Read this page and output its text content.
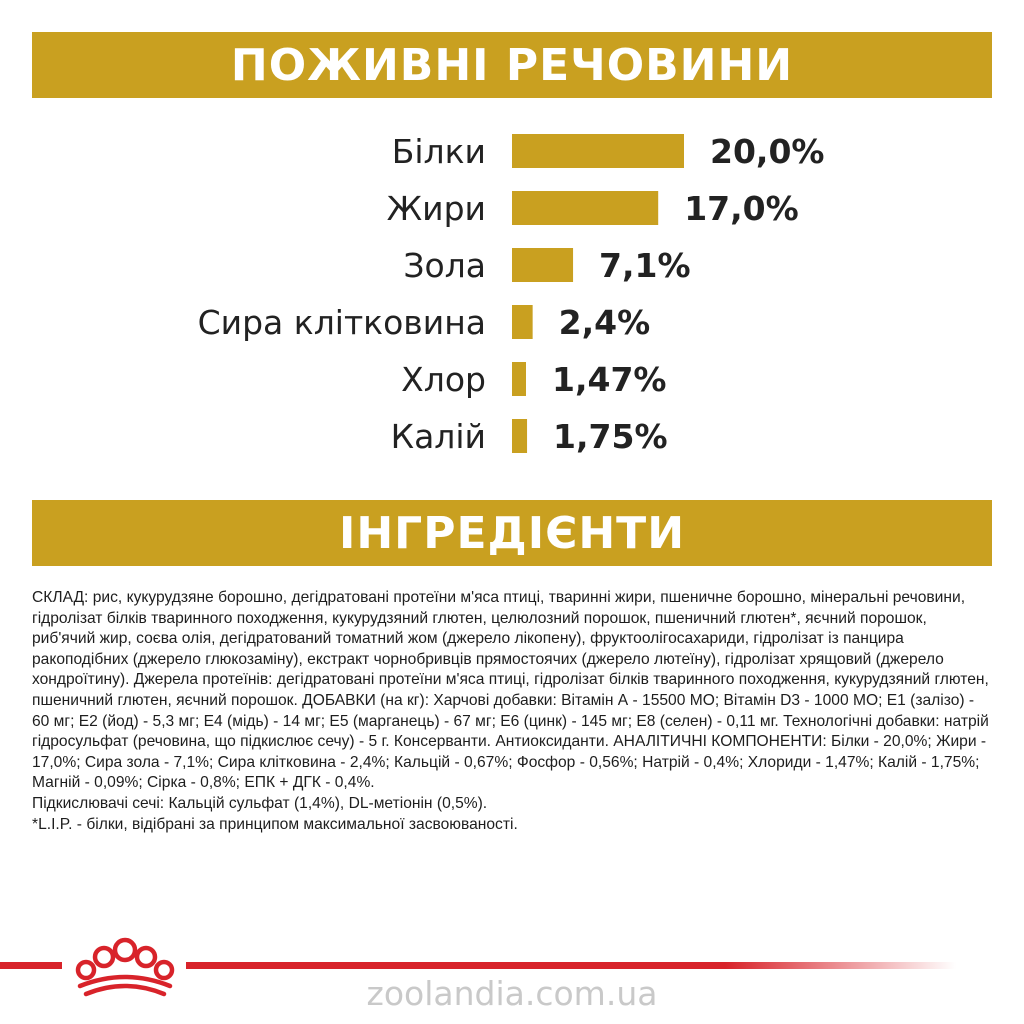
ПОЖИВНІ РЕЧОВИНИ
Білки	20,0%
Жири	17,0%
Зола	7,1%
Сира клітковина 2,4%
Хлор 1,47%
Калій 1,75%
ІНГРЕДІЄНТИ

СКЛАД: рис, кукурудзяне борошно, дегідратовані протеїни м'яса птиці, тваринні жири, пшеничне борошно, мінеральні речовини, гідролізат білків тваринного походження, кукурудзяний глютен, целюлозний порошок, пшеничний глютен*, яєчний порошок, риб'ячий жир, соєва олія, дегідратований томатний жом (джерело лікопену), фруктоолігосахариди, гідролізат із панцира ракоподібних (джерело глюкозаміну), екстракт чорнобривців прямостоячих (джерело лютеїну), гідролізат хрящовий (джерело хондроїтину). Джерела протеїнів: дегідратовані протеїни м'яса птиці, гідролізат білків тваринного походження, кукурудзяний глютен, пшеничний глютен, яєчний порошок. ДОБАВКИ (на кг): Харчові добавки: Вітамін А - 15500 МО; Вітамін D3 - 1000 МО; Е1 (залізо) - 60 мг; Е2 (йод) - 5,3 мг; Е4 (мідь) - 14 мг; Е5 (марганець) - 67 мг; Е6 (цинк) - 145 мг; Е8 (селен) - 0,11 мг. Технологічні добавки: натрій гідросульфат (речовина, що підкислює сечу) - 5 г. Консерванти. Антиоксиданти. АНАЛІТИЧНІ КОМПОНЕНТИ: Білки - 20,0%; Жири - 17,0%; Сира зола - 7,1%; Сира клітковина - 2,4%; Кальцій - 0,67%; Фосфор - 0,56%; Натрій - 0,4%; Хлориди - 1,47%; Калій - 1,75%; Магній - 0,09%; Сірка - 0,8%; ЕПК + ДГК - 0,4%.

Підкислювачі сечі: Кальцій сульфат (1,4%), DL-метіонін (0,5%).

*L.I.P. - білки, відібрані за принципом максимальної засвоюваності.

zoolandia.com.ua
